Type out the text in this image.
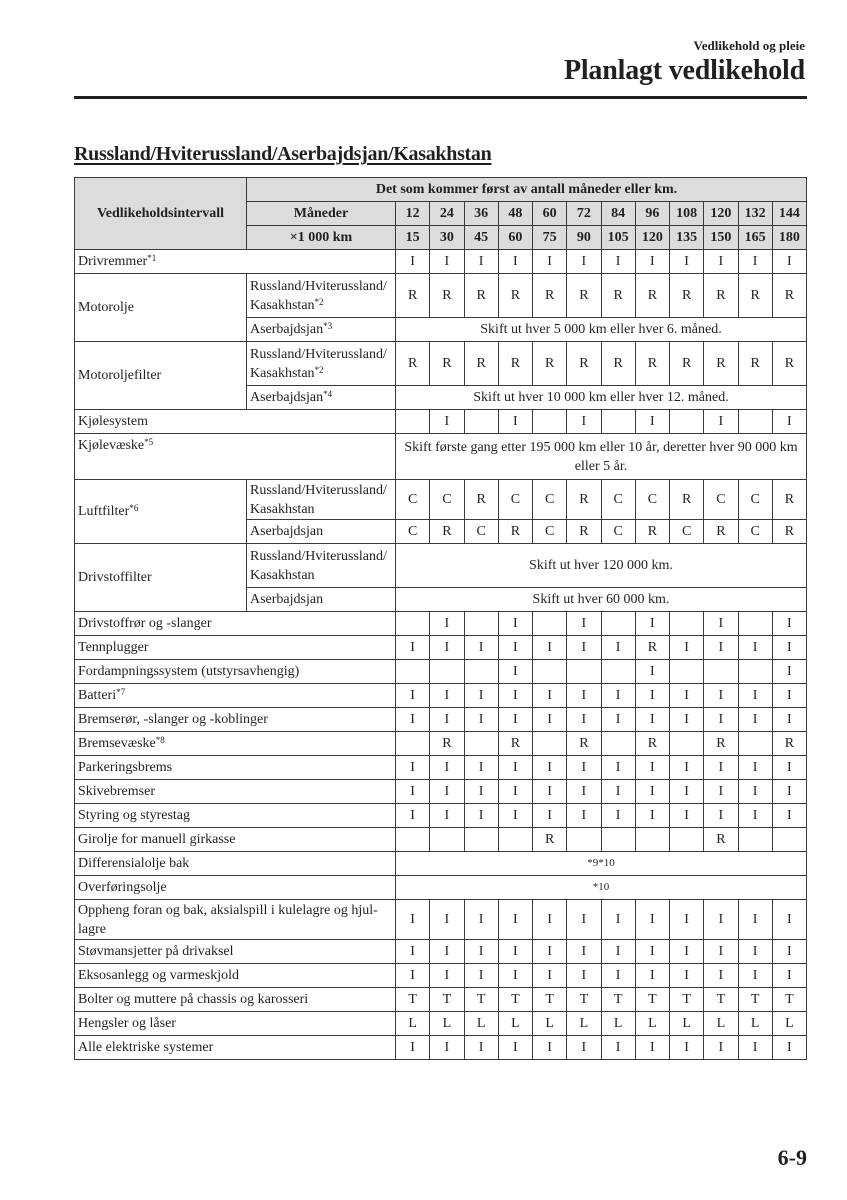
Vedlikehold og pleie
Planlagt vedlikehold
Russland/Hviterussland/Aserbajdsjan/Kasakhstan
Vedlikeholdsintervall	Det som kommer først av antall måneder eller km.												
	Måneder	12	24	36	48	60	72	84	96	108	120	132	144
	×1 000 km	15	30	45	60	75	90	105	120	135	150	165	180
Drivremmer$^{*1}$		I	I	I	I	I	I	I	I	I	I	I	I
Motorolje	Russland/Hviterussland/ Kasakhstan$^{*2}$	R	R	R	R	R	R	R	R	R	R	R	R
	Aserbajdsjan$^{*3}$	Skift ut hver 5 000 km eller hver 6. måned.											
Motoroljefilter	Russland/Hviterussland/ Kasakhstan$^{*2}$	R	R	R	R	R	R	R	R	R	R	R	R
	Aserbajdsjan$^{*4}$	Skift ut hver 10 000 km eller hver 12. måned.											
Kjølesystem			I		I		I		I		I		I
Kjølevæske$^{*5}$		Skift første gang etter 195 000 km eller 10 år, deretter hver 90 000 km eller 5 år.											
Luftfilter$^{*6}$	Russland/Hviterussland/ Kasakhstan	C	C	R	C	C	R	C	C	R	C	C	R
	Aserbajdsjan	C	R	C	R	C	R	C	R	C	R	C	R
Drivstoffilter	Russland/Hviterussland/ Kasakhstan	Skift ut hver 120 000 km.											
	Aserbajdsjan	Skift ut hver 60 000 km.											
Drivstoffrør og -slanger			I		I		I		I		I		I
Tennplugger		I	I	I	I	I	I	I	R	I	I	I	I
Fordampningssystem (utstyrsavhengig)					I				I				I
Batteri$^{*7}$		I	I	I	I	I	I	I	I	I	I	I	I
Bremserør, -slanger og -koblinger		I	I	I	I	I	I	I	I	I	I	I	I
Bremsevæske$^{*8}$			R		R		R		R		R		R
Parkeringsbrems		I	I	I	I	I	I	I	I	I	I	I	I
Skivebremser		I	I	I	I	I	I	I	I	I	I	I	I
Styring og styrestag		I	I	I	I	I	I	I	I	I	I	I	I
Girolje for manuell girkasse						R					R		
Differensialolje bak		*9*10											
Overføringsolje		*10											
Oppheng foran og bak, aksialspill i kulelagre og hjul-lagre		I	I	I	I	I	I	I	I	I	I	I	I
Støvmansjetter på drivaksel		I	I	I	I	I	I	I	I	I	I	I	I
Eksosanlegg og varmeskjold		I	I	I	I	I	I	I	I	I	I	I	I
Bolter og muttere på chassis og karosseri		T	T	T	T	T	T	T	T	T	T	T	T
Hengsler og låser		L	L	L	L	L	L	L	L	L	L	L	L
Alle elektriske systemer		I	I	I	I	I	I	I	I	I	I	I	I
6-9
